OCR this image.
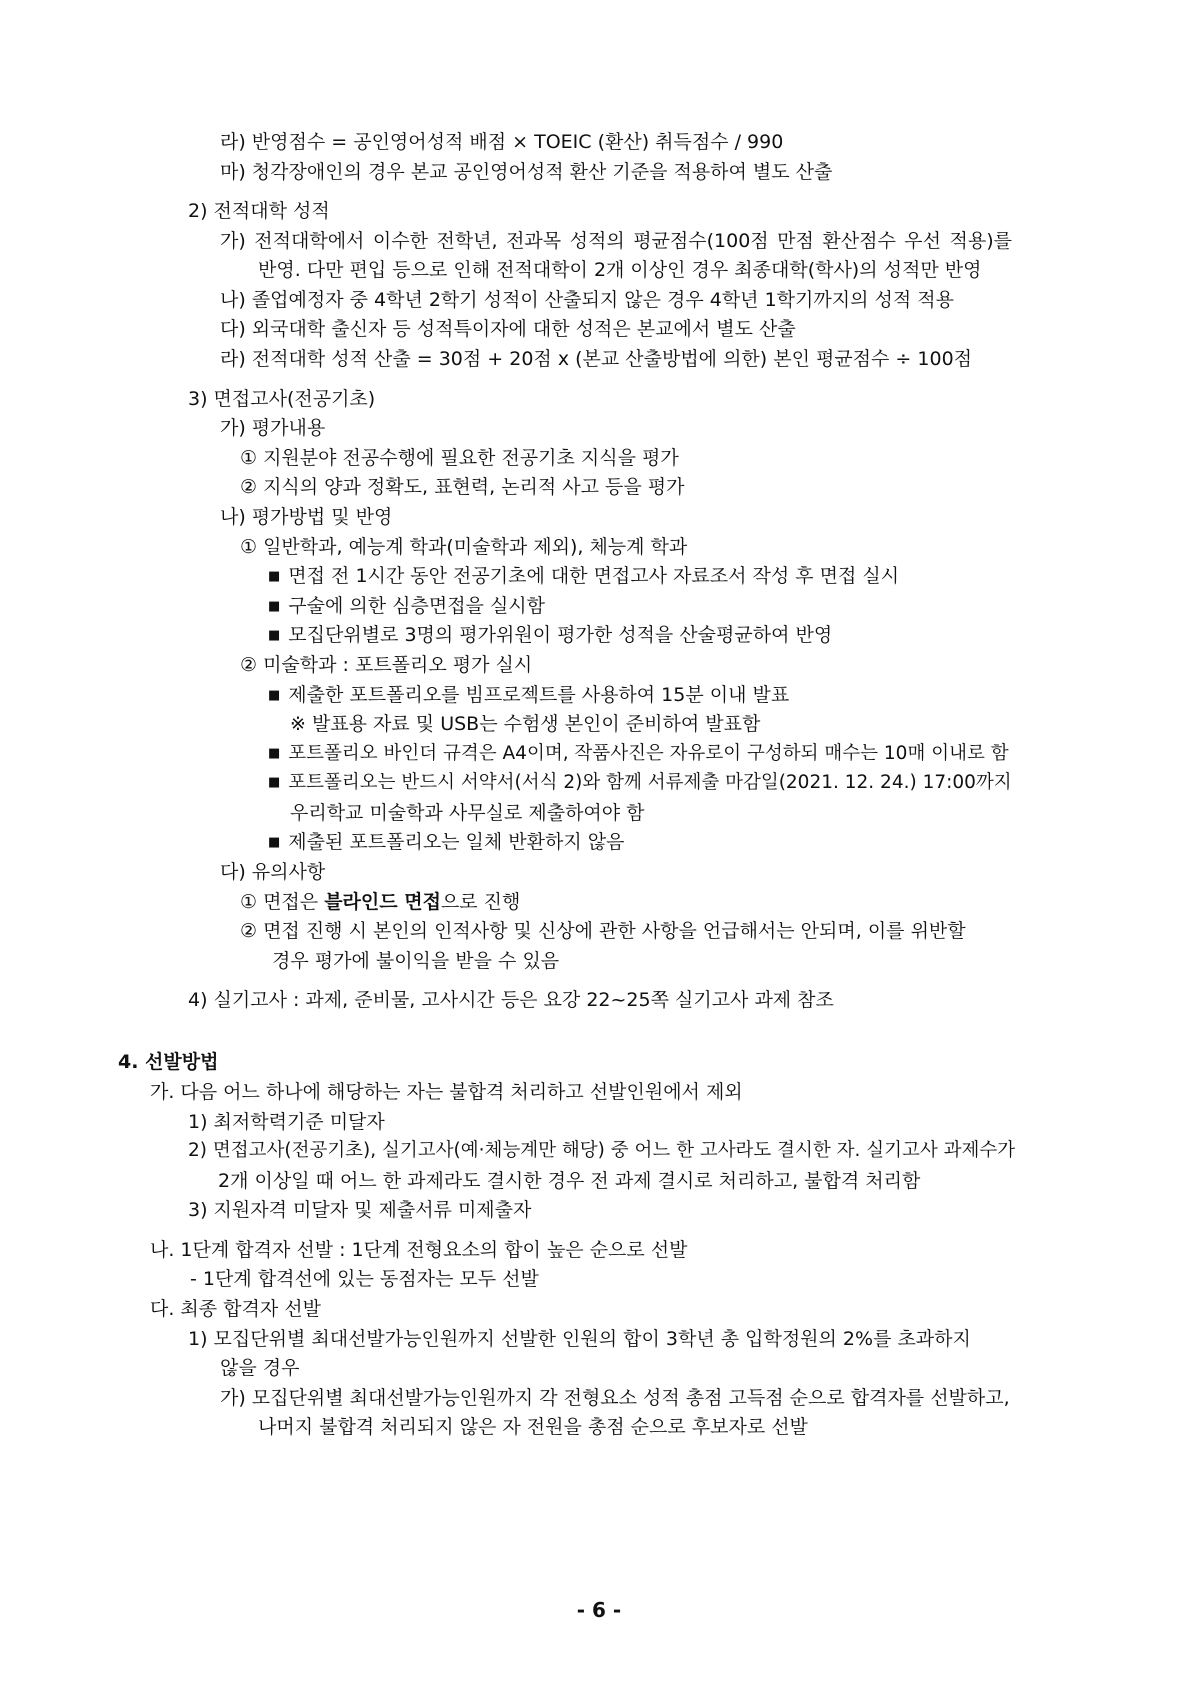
라) 반영점수 = 공인영어성적 배점 × TOEIC (환산) 취득점수 / 990
마) 청각장애인의 경우 본교 공인영어성적 환산 기준을 적용하여 별도 산출
2) 전적대학 성적
가) 전적대학에서 이수한 전학년, 전과목 성적의 평균점수(100점 만점 환산점수 우선 적용)를
반영. 다만 편입 등으로 인해 전적대학이 2개 이상인 경우 최종대학(학사)의 성적만 반영
나) 졸업예정자 중 4학년 2학기 성적이 산출되지 않은 경우 4학년 1학기까지의 성적 적용
다) 외국대학 출신자 등 성적특이자에 대한 성적은 본교에서 별도 산출
라) 전적대학 성적 산출 = 30점 + 20점 x (본교 산출방법에 의한) 본인 평균점수 ÷ 100점
3) 면접고사(전공기초)
가) 평가내용
① 지원분야 전공수행에 필요한 전공기초 지식을 평가
② 지식의 양과 정확도, 표현력, 논리적 사고 등을 평가
나) 평가방법 및 반영
① 일반학과, 예능계 학과(미술학과 제외), 체능계 학과
■ 면접 전 1시간 동안 전공기초에 대한 면접고사 자료조서 작성 후 면접 실시
■ 구술에 의한 심층면접을 실시함
■ 모집단위별로 3명의 평가위원이 평가한 성적을 산술평균하여 반영
② 미술학과 : 포트폴리오 평가 실시
■ 제출한 포트폴리오를 빔프로젝트를 사용하여 15분 이내 발표
※ 발표용 자료 및 USB는 수험생 본인이 준비하여 발표함
■ 포트폴리오 바인더 규격은 A4이며, 작품사진은 자유로이 구성하되 매수는 10매 이내로 함
■ 포트폴리오는 반드시 서약서(서식 2)와 함께 서류제출 마감일(2021. 12. 24.) 17:00까지
우리학교 미술학과 사무실로 제출하여야 함
■ 제출된 포트폴리오는 일체 반환하지 않음
다) 유의사항
① 면접은 블라인드 면접으로 진행
② 면접 진행 시 본인의 인적사항 및 신상에 관한 사항을 언급해서는 안되며, 이를 위반할
경우 평가에 불이익을 받을 수 있음
4) 실기고사 : 과제, 준비물, 고사시간 등은 요강 22~25쪽 실기고사 과제 참조
4. 선발방법
가. 다음 어느 하나에 해당하는 자는 불합격 처리하고 선발인원에서 제외
1) 최저학력기준 미달자
2) 면접고사(전공기초), 실기고사(예·체능계만 해당) 중 어느 한 고사라도 결시한 자. 실기고사 과제수가
2개 이상일 때 어느 한 과제라도 결시한 경우 전 과제 결시로 처리하고, 불합격 처리함
3) 지원자격 미달자 및 제출서류 미제출자
나. 1단계 합격자 선발 : 1단계 전형요소의 합이 높은 순으로 선발
- 1단계 합격선에 있는 동점자는 모두 선발
다. 최종 합격자 선발
1) 모집단위별 최대선발가능인원까지 선발한 인원의 합이 3학년 총 입학정원의 2%를 초과하지
않을 경우
가) 모집단위별 최대선발가능인원까지 각 전형요소 성적 총점 고득점 순으로 합격자를 선발하고,
나머지 불합격 처리되지 않은 자 전원을 총점 순으로 후보자로 선발
- 6 -
